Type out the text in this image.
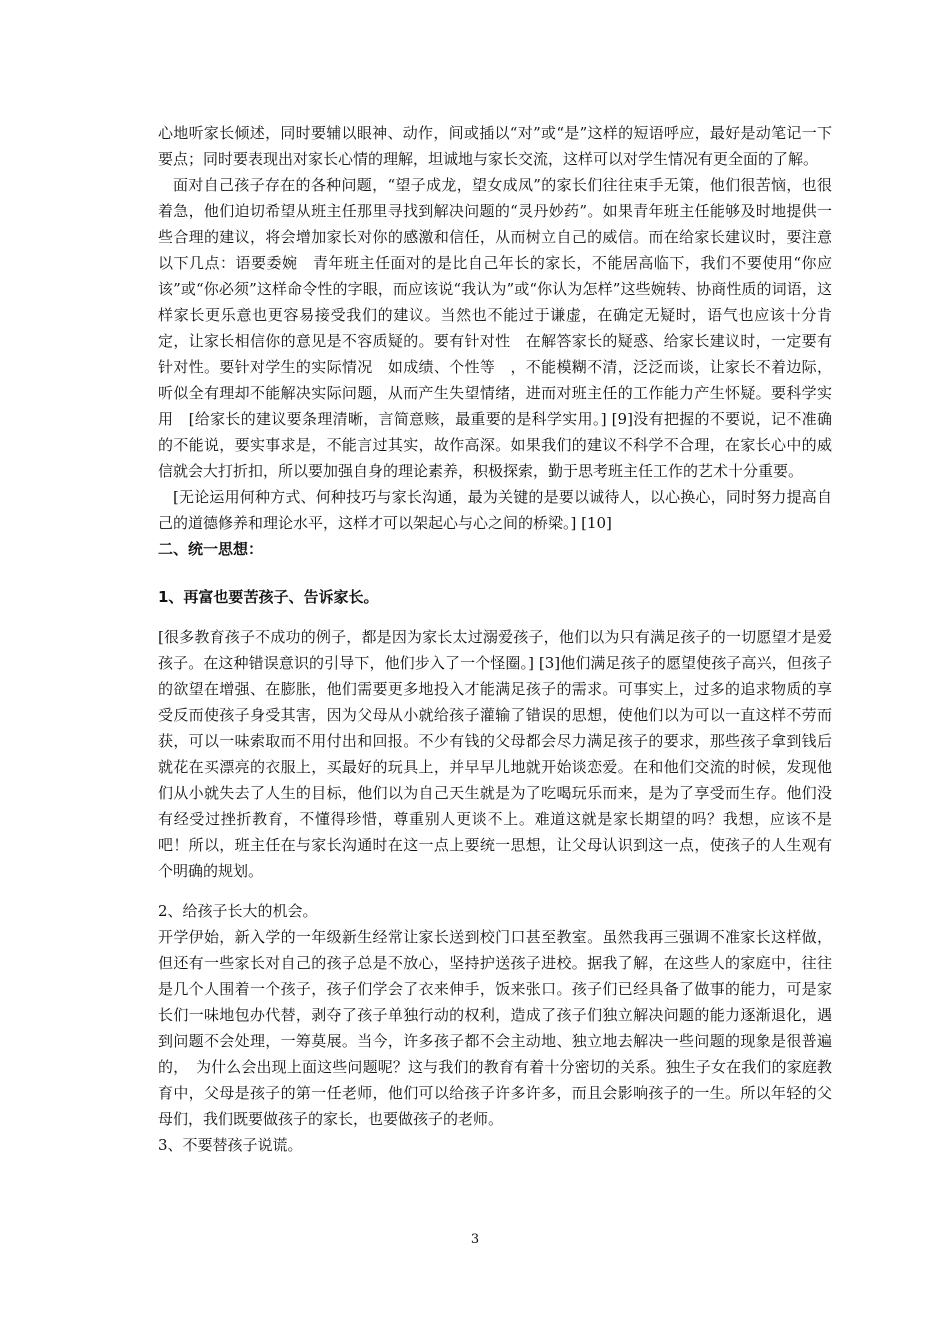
心地听家长倾述，同时要辅以眼神、动作，间或插以“对”或“是”这样的短语呼应，最好是动笔记一下要点；同时要表现出对家长心情的理解，坦诚地与家长交流，这样可以对学生情况有更全面的了解。

面对自己孩子存在的各种问题，“望子成龙，望女成凤”的家长们往往束手无策，他们很苦恼，也很着急，他们迫切希望从班主任那里寻找到解决问题的“灵丹妙药”。如果青年班主任能够及时地提供一些合理的建议，将会增加家长对你的感激和信任，从而树立自己的威信。而在给家长建议时，要注意以下几点：语要委婉　青年班主任面对的是比自己年长的家长，不能居高临下，我们不要使用“你应该”或“你必须”这样命令性的字眼，而应该说“我认为”或“你认为怎样”这些婉转、协商性质的词语，这样家长更乐意也更容易接受我们的建议。当然也不能过于谦虚，在确定无疑时，语气也应该十分肯定，让家长相信你的意见是不容质疑的。要有针对性　在解答家长的疑惑、给家长建议时，一定要有针对性。要针对学生的实际情况　如成绩、个性等　，不能模糊不清，泛泛而谈，让家长不着边际，听似全有理却不能解决实际问题，从而产生失望情绪，进而对班主任的工作能力产生怀疑。要科学实用　[给家长的建议要条理清晰，言简意赅，最重要的是科学实用。] [9]没有把握的不要说，记不准确的不能说，要实事求是，不能言过其实，故作高深。如果我们的建议不科学不合理，在家长心中的威信就会大打折扣，所以要加强自身的理论素养，积极探索，勤于思考班主任工作的艺术十分重要。

[无论运用何种方式、何种技巧与家长沟通，最为关键的是要以诚待人，以心换心，同时努力提高自己的道德修养和理论水平，这样才可以架起心与心之间的桥梁。] [10]

二、统一思想：

1、再富也要苦孩子、告诉家长。

[很多教育孩子不成功的例子，都是因为家长太过溺爱孩子，他们以为只有满足孩子的一切愿望才是爱孩子。在这种错误意识的引导下，他们步入了一个怪圈。] [3]他们满足孩子的愿望使孩子高兴，但孩子的欲望在增强、在膨胀，他们需要更多地投入才能满足孩子的需求。可事实上，过多的追求物质的享受反而使孩子身受其害，因为父母从小就给孩子灌输了错误的思想，使他们以为可以一直这样不劳而获，可以一味索取而不用付出和回报。不少有钱的父母都会尽力满足孩子的要求，那些孩子拿到钱后就花在买漂亮的衣服上，买最好的玩具上，并早早儿地就开始谈恋爱。在和他们交流的时候，发现他们从小就失去了人生的目标，他们以为自己天生就是为了吃喝玩乐而来，是为了享受而生存。他们没有经受过挫折教育，不懂得珍惜，尊重别人更谈不上。难道这就是家长期望的吗？我想，应该不是吧！所以，班主任在与家长沟通时在这一点上要统一思想，让父母认识到这一点，使孩子的人生观有个明确的规划。

2、给孩子长大的机会。

开学伊始，新入学的一年级新生经常让家长送到校门口甚至教室。虽然我再三强调不准家长这样做，但还有一些家长对自己的孩子总是不放心，坚持护送孩子进校。据我了解，在这些人的家庭中，往往是几个人围着一个孩子，孩子们学会了衣来伸手，饭来张口。孩子们已经具备了做事的能力，可是家长们一味地包办代替，剥夺了孩子单独行动的权利，造成了孩子们独立解决问题的能力逐渐退化，遇到问题不会处理，一筹莫展。当今，许多孩子都不会主动地、独立地去解决一些问题的现象是很普遍的，　为什么会出现上面这些问题呢？这与我们的教育有着十分密切的关系。独生子女在我们的家庭教育中，父母是孩子的第一任老师，他们可以给孩子许多许多，而且会影响孩子的一生。所以年轻的父母们，我们既要做孩子的家长，也要做孩子的老师。

3、不要替孩子说谎。

3
